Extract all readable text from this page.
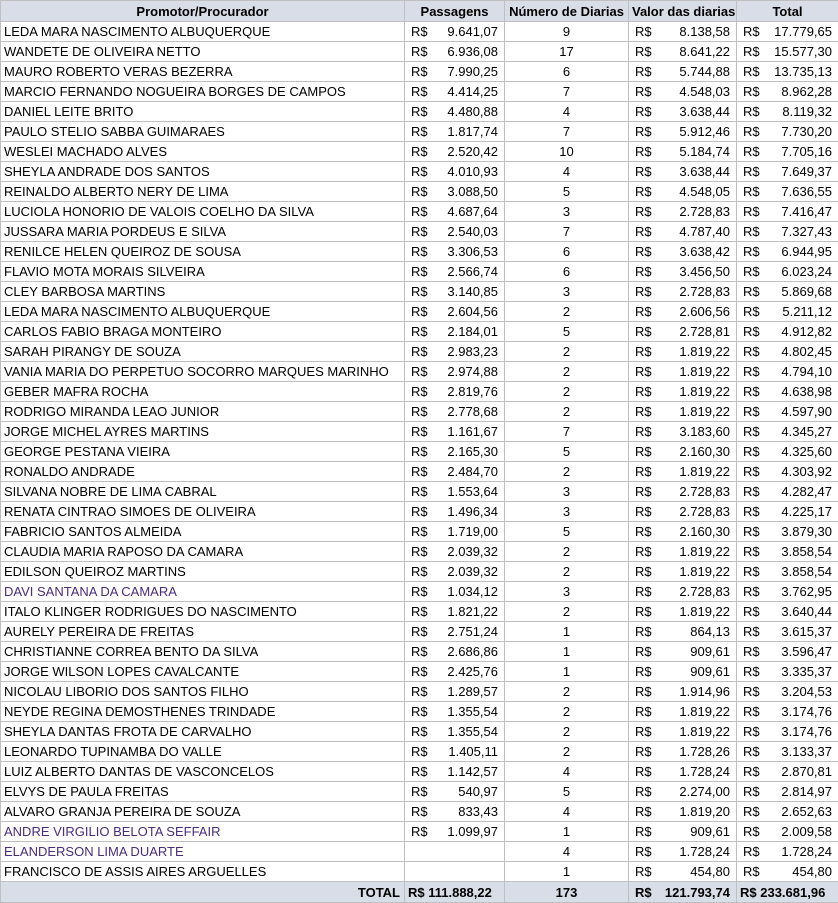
Promotor/Procurador	Passagens	Número de Diarias	Valor das diarias	Total
LEDA MARA NASCIMENTO ALBUQUERQUE	R$ 9.641,07	9	R$ 8.138,58	R$ 17.779,65

WANDETE DE OLIVEIRA NETTO	R$ 6.936,08	17	R$ 8.641,22	R$ 15.577,30

MAURO ROBERTO VERAS BEZERRA	R$ 7.990,25	6	R$ 5.744,88	R$ 13.735,13

MARCIO FERNANDO NOGUEIRA BORGES DE CAMPOS	R$ 4.414,25	7	R$ 4.548,03	R$ 8.962,28

DANIEL LEITE BRITO	R$ 4.480,88	4	R$ 3.638,44	R$ 8.119,32

PAULO STELIO SABBA GUIMARAES	R$ 1.817,74	7	R$ 5.912,46	R$ 7.730,20

WESLEI MACHADO ALVES	R$ 2.520,42	10	R$ 5.184,74	R$ 7.705,16

SHEYLA ANDRADE DOS SANTOS	R$ 4.010,93	4	R$ 3.638,44	R$ 7.649,37

REINALDO ALBERTO NERY DE LIMA	R$ 3.088,50	5	R$ 4.548,05	R$ 7.636,55

LUCIOLA HONORIO DE VALOIS COELHO DA SILVA	R$ 4.687,64	3	R$ 2.728,83	R$ 7.416,47

JUSSARA MARIA PORDEUS E SILVA	R$ 2.540,03	7	R$ 4.787,40	R$ 7.327,43

RENILCE HELEN QUEIROZ DE SOUSA	R$ 3.306,53	6	R$ 3.638,42	R$ 6.944,95

FLAVIO MOTA MORAIS SILVEIRA	R$ 2.566,74	6	R$ 3.456,50	R$ 6.023,24

CLEY BARBOSA MARTINS	R$ 3.140,85	3	R$ 2.728,83	R$ 5.869,68

LEDA MARA NASCIMENTO ALBUQUERQUE	R$ 2.604,56	2	R$ 2.606,56	R$ 5.211,12

CARLOS FABIO BRAGA MONTEIRO	R$ 2.184,01	5	R$ 2.728,81	R$ 4.912,82

SARAH PIRANGY DE SOUZA	R$ 2.983,23	2	R$ 1.819,22	R$ 4.802,45

VANIA MARIA DO PERPETUO SOCORRO MARQUES MARINHO	R$ 2.974,88	2	R$ 1.819,22	R$ 4.794,10

GEBER MAFRA ROCHA	R$ 2.819,76	2	R$ 1.819,22	R$ 4.638,98

RODRIGO MIRANDA LEAO JUNIOR	R$ 2.778,68	2	R$ 1.819,22	R$ 4.597,90

JORGE MICHEL AYRES MARTINS	R$ 1.161,67	7	R$ 3.183,60	R$ 4.345,27

GEORGE PESTANA VIEIRA	R$ 2.165,30	5	R$ 2.160,30	R$ 4.325,60

RONALDO ANDRADE	R$ 2.484,70	2	R$ 1.819,22	R$ 4.303,92

SILVANA NOBRE DE LIMA CABRAL	R$ 1.553,64	3	R$ 2.728,83	R$ 4.282,47

RENATA CINTRAO SIMOES DE OLIVEIRA	R$ 1.496,34	3	R$ 2.728,83	R$ 4.225,17

FABRICIO SANTOS ALMEIDA	R$ 1.719,00	5	R$ 2.160,30	R$ 3.879,30

CLAUDIA MARIA RAPOSO DA CAMARA	R$ 2.039,32	2	R$ 1.819,22	R$ 3.858,54

EDILSON QUEIROZ MARTINS	R$ 2.039,32	2	R$ 1.819,22	R$ 3.858,54

DAVI SANTANA DA CAMARA	R$ 1.034,12	3	R$ 2.728,83	R$ 3.762,95

ITALO KLINGER RODRIGUES DO NASCIMENTO	R$ 1.821,22	2	R$ 1.819,22	R$ 3.640,44

AURELY PEREIRA DE FREITAS	R$ 2.751,24	1	R$ 864,13	R$ 3.615,37

CHRISTIANNE CORREA BENTO DA SILVA	R$ 2.686,86	1	R$ 909,61	R$ 3.596,47

JORGE WILSON LOPES CAVALCANTE	R$ 2.425,76	1	R$ 909,61	R$ 3.335,37

NICOLAU LIBORIO DOS SANTOS FILHO	R$ 1.289,57	2	R$ 1.914,96	R$ 3.204,53

NEYDE REGINA DEMOSTHENES TRINDADE	R$ 1.355,54	2	R$ 1.819,22	R$ 3.174,76

SHEYLA DANTAS FROTA DE CARVALHO	R$ 1.355,54	2	R$ 1.819,22	R$ 3.174,76

LEONARDO TUPINAMBA DO VALLE	R$ 1.405,11	2	R$ 1.728,26	R$ 3.133,37

LUIZ ALBERTO DANTAS DE VASCONCELOS	R$ 1.142,57	4	R$ 1.728,24	R$ 2.870,81

ELVYS DE PAULA FREITAS	R$ 540,97	5	R$ 2.274,00	R$ 2.814,97

ALVARO GRANJA PEREIRA DE SOUZA	R$ 833,43	4	R$ 1.819,20	R$ 2.652,63

ANDRE VIRGILIO BELOTA SEFFAIR	R$ 1.099,97	1	R$ 909,61	R$ 2.009,58

ELANDERSON LIMA DUARTE		4	R$ 1.728,24	R$ 1.728,24

FRANCISCO DE ASSIS AIRES ARGUELLES		1	R$ 454,80	R$ 454,80

TOTAL	R$ 111.888,22	173	R$ 121.793,74	R$ 233.681,96
